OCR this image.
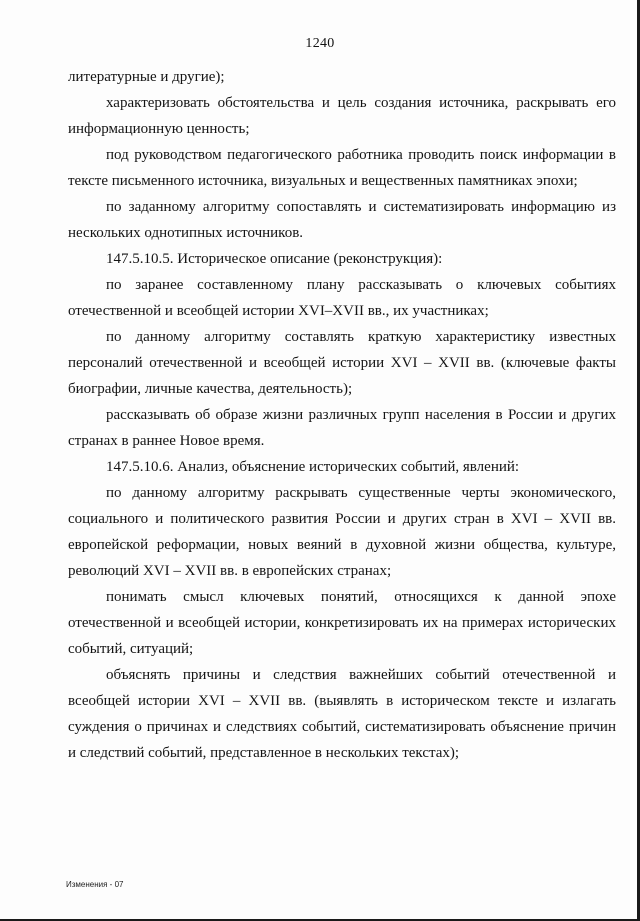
1240

литературные и другие);

характеризовать обстоятельства и цель создания источника, раскрывать его информационную ценность;

под руководством педагогического работника проводить поиск информации в тексте письменного источника, визуальных и вещественных памятниках эпохи;

по заданному алгоритму сопоставлять и систематизировать информацию из нескольких однотипных источников.

147.5.10.5. Историческое описание (реконструкция):

по заранее составленному плану рассказывать о ключевых событиях отечественной и всеобщей истории XVI–XVII вв., их участниках;

по данному алгоритму составлять краткую характеристику известных персоналий отечественной и всеобщей истории XVI – XVII вв. (ключевые факты биографии, личные качества, деятельность);

рассказывать об образе жизни различных групп населения в России и других странах в раннее Новое время.

147.5.10.6. Анализ, объяснение исторических событий, явлений:

по данному алгоритму раскрывать существенные черты экономического, социального и политического развития России и других стран в XVI – XVII вв. европейской реформации, новых веяний в духовной жизни общества, культуре, революций XVI – XVII вв. в европейских странах;

понимать смысл ключевых понятий, относящихся к данной эпохе отечественной и всеобщей истории, конкретизировать их на примерах исторических событий, ситуаций;

объяснять причины и следствия важнейших событий отечественной и всеобщей истории XVI – XVII вв. (выявлять в историческом тексте и излагать суждения о причинах и следствиях событий, систематизировать объяснение причин и следствий событий, представленное в нескольких текстах);

Изменения - 07
